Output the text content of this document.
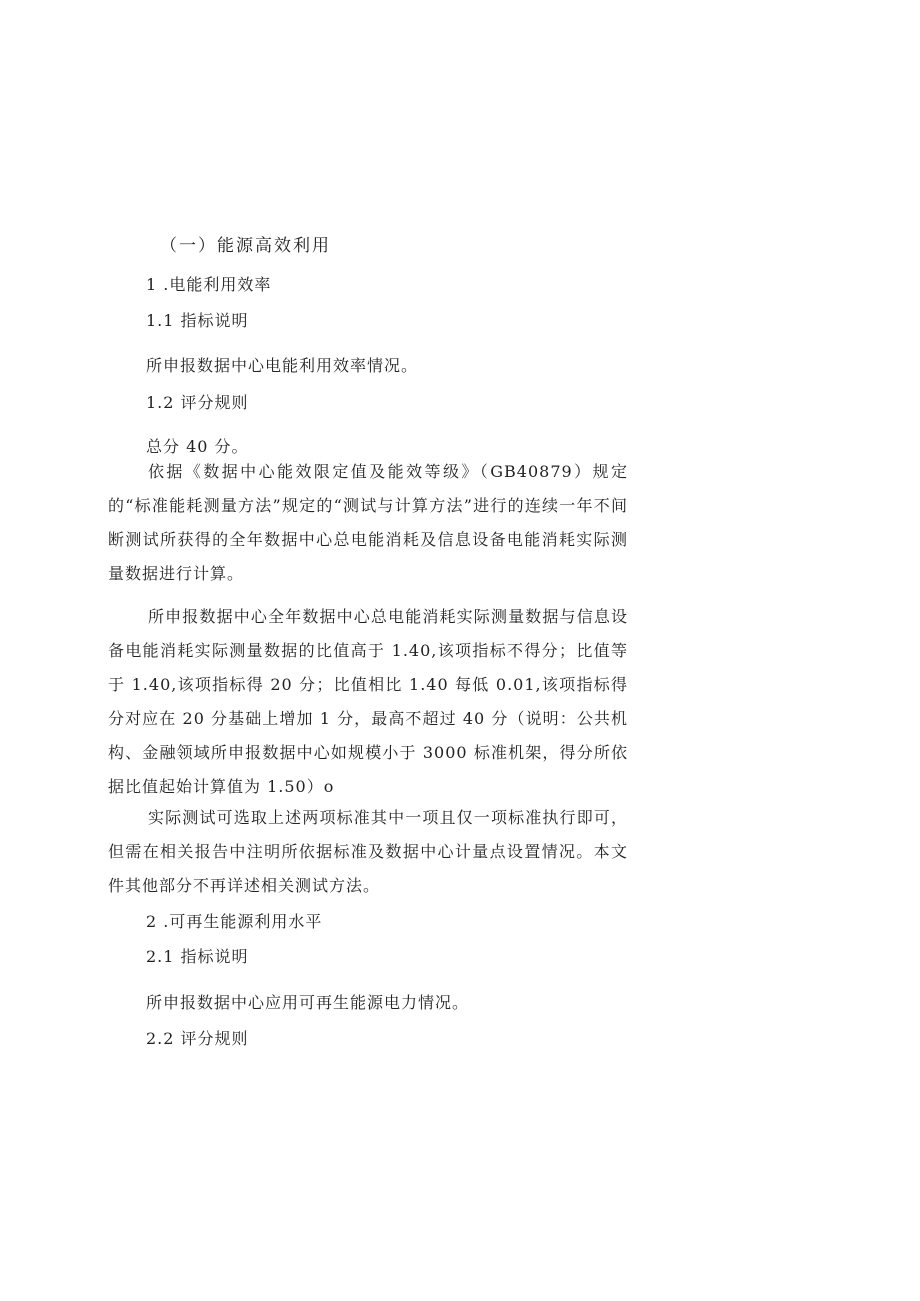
（一）能源高效利用
1 .电能利用效率
1.1 指标说明
所申报数据中心电能利用效率情况。
1.2 评分规则
总分 40 分。

依据《数据中心能效限定值及能效等级》（GB40879）规定的“标准能耗测量方法”规定的“测试与计算方法”进行的连续一年不间断测试所获得的全年数据中心总电能消耗及信息设备电能消耗实际测量数据进行计算。

所申报数据中心全年数据中心总电能消耗实际测量数据与信息设备电能消耗实际测量数据的比值高于 1.40,该项指标不得分；比值等于 1.40,该项指标得 20 分；比值相比 1.40 每低 0.01,该项指标得分对应在 20 分基础上增加 1 分，最高不超过 40 分（说明：公共机构、金融领域所申报数据中心如规模小于 3000 标准机架，得分所依据比值起始计算值为 1.50）o

实际测试可选取上述两项标准其中一项且仅一项标准执行即可，但需在相关报告中注明所依据标准及数据中心计量点设置情况。本文件其他部分不再详述相关测试方法。

2 .可再生能源利用水平
2.1 指标说明
所申报数据中心应用可再生能源电力情况。
2.2 评分规则
